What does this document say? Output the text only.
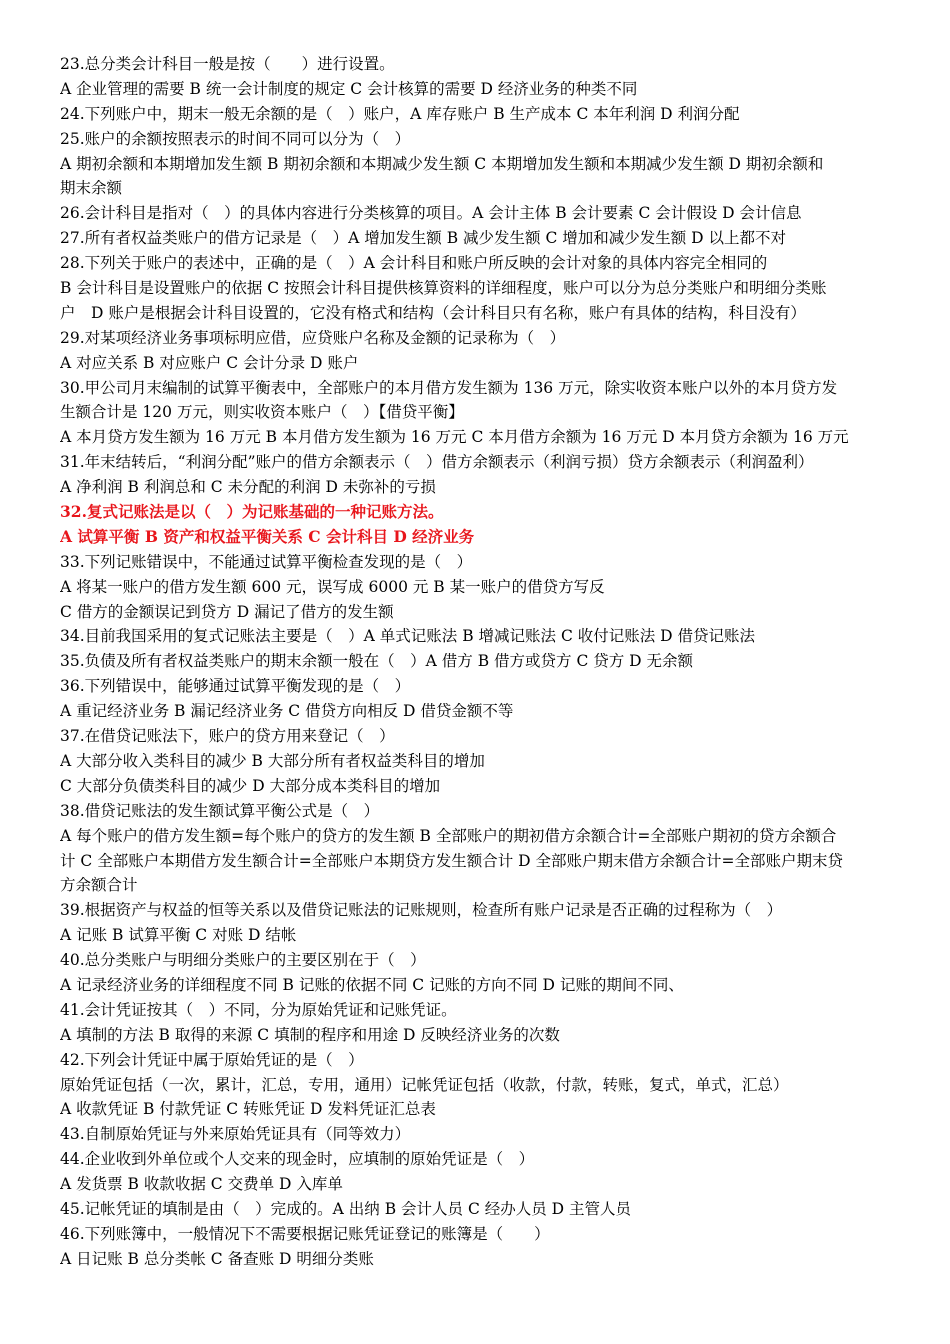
23.总分类会计科目一般是按（　　）进行设置。
A 企业管理的需要 B 统一会计制度的规定 C 会计核算的需要 D 经济业务的种类不同
24.下列账户中，期末一般无余额的是（　）账户，A 库存账户 B 生产成本 C 本年利润 D 利润分配
25.账户的余额按照表示的时间不同可以分为（　）
A 期初余额和本期增加发生额 B 期初余额和本期减少发生额 C 本期增加发生额和本期减少发生额 D 期初余额和
期末余额
26.会计科目是指对（　）的具体内容进行分类核算的项目。A 会计主体 B 会计要素 C 会计假设 D 会计信息
27.所有者权益类账户的借方记录是（　）A 增加发生额 B 减少发生额 C 增加和减少发生额 D 以上都不对
28.下列关于账户的表述中，正确的是（　）A 会计科目和账户所反映的会计对象的具体内容完全相同的
B 会计科目是设置账户的依据 C 按照会计科目提供核算资料的详细程度，账户可以分为总分类账户和明细分类账
户　D 账户是根据会计科目设置的，它没有格式和结构（会计科目只有名称，账户有具体的结构，科目没有）
29.对某项经济业务事项标明应借，应贷账户名称及金额的记录称为（　）
A 对应关系 B 对应账户 C 会计分录 D 账户
30.甲公司月末编制的试算平衡表中，全部账户的本月借方发生额为 136 万元，除实收资本账户以外的本月贷方发
生额合计是 120 万元，则实收资本账户（　）【借贷平衡】
A 本月贷方发生额为 16 万元 B 本月借方发生额为 16 万元 C 本月借方余额为 16 万元 D 本月贷方余额为 16 万元
31.年末结转后，“利润分配”账户的借方余额表示（　）借方余额表示（利润亏损）贷方余额表示（利润盈利）
A 净利润 B 利润总和 C 未分配的利润 D 未弥补的亏损
32.复式记账法是以（　）为记账基础的一种记账方法。
A 试算平衡 B 资产和权益平衡关系 C 会计科目 D 经济业务
33.下列记账错误中，不能通过试算平衡检查发现的是（　）
A 将某一账户的借方发生额 600 元，误写成 6000 元 B 某一账户的借贷方写反
C 借方的金额误记到贷方 D 漏记了借方的发生额
34.目前我国采用的复式记账法主要是（　）A 单式记账法 B 增减记账法 C 收付记账法 D 借贷记账法
35.负债及所有者权益类账户的期末余额一般在（　）A 借方 B 借方或贷方 C 贷方 D 无余额
36.下列错误中，能够通过试算平衡发现的是（　）
A 重记经济业务 B 漏记经济业务 C 借贷方向相反 D 借贷金额不等
37.在借贷记账法下，账户的贷方用来登记（　）
A 大部分收入类科目的减少 B 大部分所有者权益类科目的增加
C 大部分负债类科目的减少 D 大部分成本类科目的增加
38.借贷记账法的发生额试算平衡公式是（　）
A 每个账户的借方发生额=每个账户的贷方的发生额 B 全部账户的期初借方余额合计=全部账户期初的贷方余额合
计 C 全部账户本期借方发生额合计=全部账户本期贷方发生额合计 D 全部账户期末借方余额合计=全部账户期末贷
方余额合计
39.根据资产与权益的恒等关系以及借贷记账法的记账规则，检查所有账户记录是否正确的过程称为（　）
A 记账 B 试算平衡 C 对账 D 结帐
40.总分类账户与明细分类账户的主要区别在于（　）
A 记录经济业务的详细程度不同 B 记账的依据不同 C 记账的方向不同 D 记账的期间不同、
41.会计凭证按其（　）不同，分为原始凭证和记账凭证。
A 填制的方法 B 取得的来源 C 填制的程序和用途 D 反映经济业务的次数
42.下列会计凭证中属于原始凭证的是（　）
原始凭证包括（一次，累计，汇总，专用，通用）记帐凭证包括（收款，付款，转账，复式，单式，汇总）
A 收款凭证 B 付款凭证 C 转账凭证 D 发料凭证汇总表
43.自制原始凭证与外来原始凭证具有（同等效力）
44.企业收到外单位或个人交来的现金时，应填制的原始凭证是（　）
A 发货票 B 收款收据 C 交费单 D 入库单
45.记帐凭证的填制是由（　）完成的。A 出纳 B 会计人员 C 经办人员 D 主管人员
46.下列账簿中，一般情况下不需要根据记账凭证登记的账簿是（　　）
A 日记账 B 总分类帐 C 备查账 D 明细分类账
